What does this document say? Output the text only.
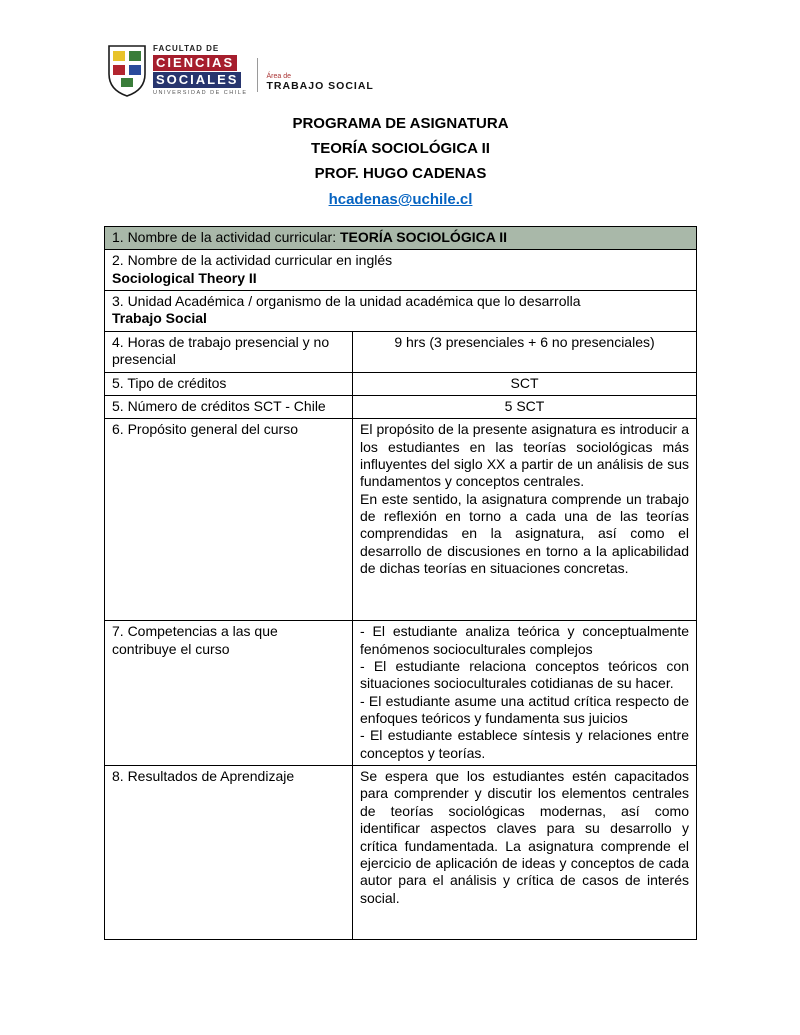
FACULTAD DE
CIENCIAS
SOCIALES
UNIVERSIDAD DE CHILE
Área de
TRABAJO SOCIAL
PROGRAMA DE ASIGNATURA
TEORÍA SOCIOLÓGICA II
PROF. HUGO CADENAS
hcadenas@uchile.cl
1. Nombre de la actividad curricular: TEORÍA SOCIOLÓGICA II	

2. Nombre de la actividad curricular en inglés
Sociological Theory II	

3. Unidad Académica / organismo de la unidad académica que lo desarrolla
Trabajo Social	

4. Horas de trabajo presencial y no presencial	9 hrs (3 presenciales + 6 no presenciales)
5. Tipo de créditos	SCT
5. Número de créditos SCT - Chile	5 SCT
6. Propósito general del curso	El propósito de la presente asignatura es introducir a los estudiantes en las teorías sociológicas más influyentes del siglo XX a partir de un análisis de sus fundamentos y conceptos centrales.

En este sentido, la asignatura comprende un trabajo de reflexión en torno a cada una de las teorías comprendidas en la asignatura, así como el desarrollo de discusiones en torno a la aplicabilidad de dichas teorías en situaciones concretas.

7. Competencias a las que contribuye el curso	- El estudiante analiza teórica y conceptualmente fenómenos socioculturales complejos

- El estudiante relaciona conceptos teóricos con situaciones socioculturales cotidianas de su hacer.

- El estudiante asume una actitud crítica respecto de enfoques teóricos y fundamenta sus juicios

- El estudiante establece síntesis y relaciones entre conceptos y teorías.

8. Resultados de Aprendizaje	Se espera que los estudiantes estén capacitados para comprender y discutir los elementos centrales de teorías sociológicas modernas, así como identificar aspectos claves para su desarrollo y crítica fundamentada. La asignatura comprende el ejercicio de aplicación de ideas y conceptos de cada autor para el análisis y crítica de casos de interés social.
